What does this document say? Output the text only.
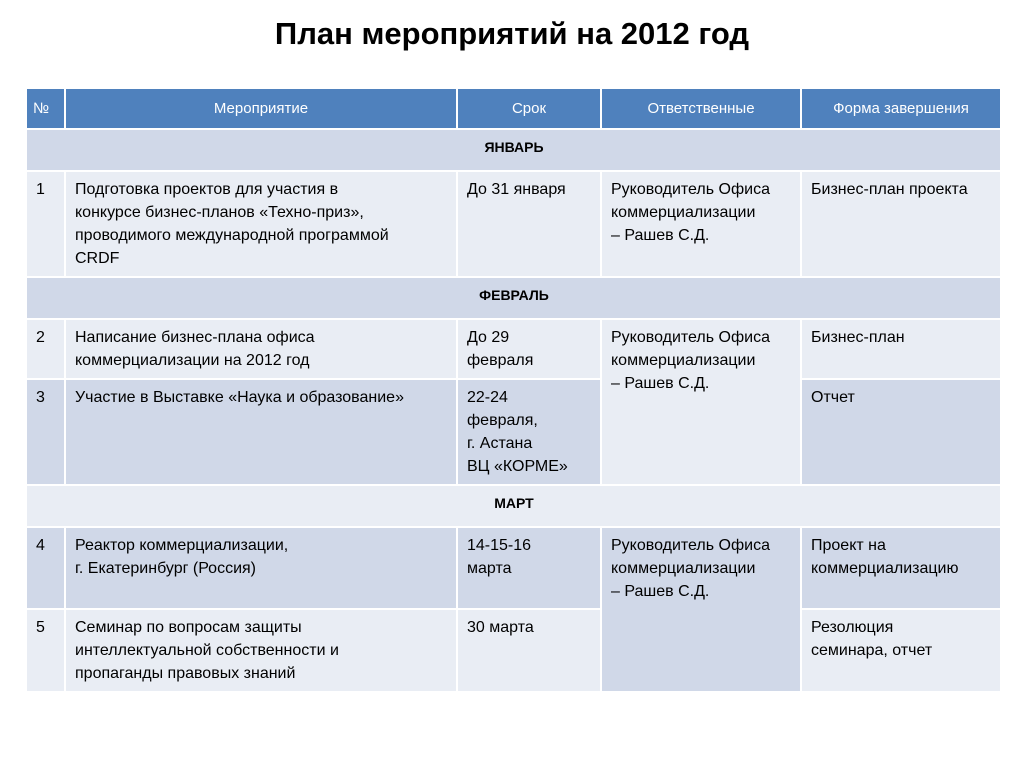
План мероприятий на 2012 год
№	Мероприятие	Срок	Ответственные	Форма завершения
ЯНВАРЬ				
1	Подготовка проектов для участия в
конкурсе бизнес-планов «Техно-приз»,
проводимого международной программой
CRDF	До 31 января	Руководитель Офиса
коммерциализации
– Рашев С.Д.	Бизнес-план проекта

ФЕВРАЛЬ				
2	Написание бизнес-плана офиса
коммерциализации на 2012 год	До 29
февраля	Руководитель Офиса
коммерциализации
– Рашев С.Д.	Бизнес-план

3	Участие в Выставке «Наука и образование»	22-24
февраля,
г. Астана
ВЦ «КОРМЕ»		Отчет

МАРТ				
4	Реактор коммерциализации,
г. Екатеринбург (Россия)	14-15-16
марта	Руководитель Офиса
коммерциализации
– Рашев С.Д.	Проект на
коммерциализацию

5	Семинар по вопросам защиты
интеллектуальной собственности и
пропаганды правовых знаний	30 марта		Резолюция
семинара, отчет
